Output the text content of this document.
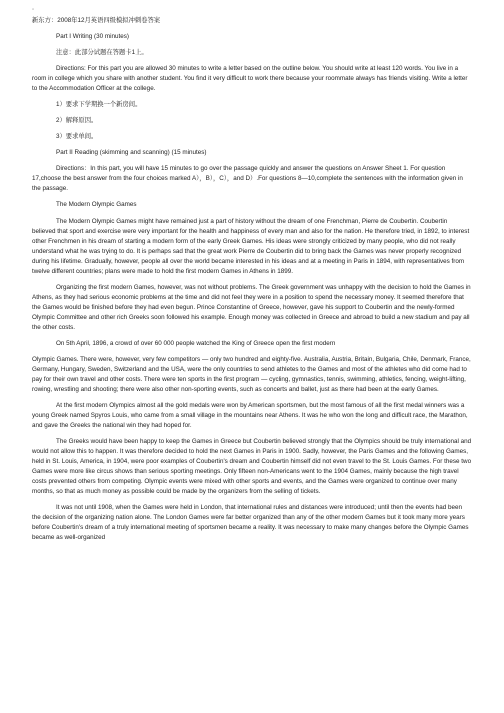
▫

新东方：2008年12月英语四级模拟冲刺卷答案

Part I Writing (30 minutes)

注意：此部分试题在答题卡1上。

Directions: For this part you are allowed 30 minutes to write a letter based on the outline below. You should write at least 120 words. You live in a room in college which you share with another student. You find it very difficult to work there because your roommate always has friends visiting. Write a letter to the Accommodation Officer at the college.

1）要求下学期换一个新房间。

2）解释原因。

3）要求单间。

Part II Reading (skimming and scanning) (15 minutes)

Directions：In this part, you will have 15 minutes to go over the passage quickly and answer the questions on Answer Sheet 1. For question 17,choose the best answer from the four choices marked A），B），C），and D）.For questions 8—10,complete the sentences with the information given in the passage.

The Modern Olympic Games

The Modern Olympic Games might have remained just a part of history without the dream of one Frenchman, Pierre de Coubertin. Coubertin believed that sport and exercise were very important for the health and happiness of every man and also for the nation. He therefore tried, in 1892, to interest other Frenchmen in his dream of starting a modern form of the early Greek Games. His ideas were strongly criticized by many people, who did not really understand what he was trying to do. It is perhaps sad that the great work Pierre de Coubertin did to bring back the Games was never properly recognized during his lifetime. Gradually, however, people all over the world became interested in his ideas and at a meeting in Paris in 1894, with representatives from twelve different countries; plans were made to hold the first modern Games in Athens in 1899.

Organizing the first modern Games, however, was not without problems. The Greek government was unhappy with the decision to hold the Games in Athens, as they had serious economic problems at the time and did not feel they were in a position to spend the necessary money. It seemed therefore that the Games would be finished before they had even begun. Prince Constantine of Greece, however, gave his support to Coubertin and the newly-formed Olympic Committee and other rich Greeks soon followed his example. Enough money was collected in Greece and abroad to build a new stadium and pay all the other costs.

On 5th April, 1896, a crowd of over 60 000 people watched the King of Greece open the first modern

Olympic Games. There were, however, very few competitors — only two hundred and eighty-five. Australia, Austria, Britain, Bulgaria, Chile, Denmark, France, Germany, Hungary, Sweden, Switzerland and the USA, were the only countries to send athletes to the Games and most of the athletes who did come had to pay for their own travel and other costs. There were ten sports in the first program — cycling, gymnastics, tennis, swimming, athletics, fencing, weight-lifting, rowing, wrestling and shooting; there were also other non-sporting events, such as concerts and ballet, just as there had been at the early Games.

At the first modern Olympics almost all the gold medals were won by American sportsmen, but the most famous of all the first medal winners was a young Greek named Spyros Louis, who came from a small village in the mountains near Athens. It was he who won the long and difficult race, the Marathon, and gave the Greeks the national win they had hoped for.

The Greeks would have been happy to keep the Games in Greece but Coubertin believed strongly that the Olympics should be truly international and would not allow this to happen. It was therefore decided to hold the next Games in Paris in 1900. Sadly, however, the Paris Games and the following Games, held in St. Louis, America, in 1904, were poor examples of Coubertin's dream and Coubertin himself did not even travel to the St. Louis Games. For these two Games were more like circus shows than serious sporting meetings. Only fifteen non-Americans went to the 1904 Games, mainly because the high travel costs prevented others from competing. Olympic events were mixed with other sports and events, and the Games were organized to continue over many months, so that as much money as possible could be made by the organizers from the selling of tickets.

It was not until 1908, when the Games were held in London, that international rules and distances were introduced; until then the events had been the decision of the organizing nation alone. The London Games were far better organized than any of the other modern Games but it took many more years before Coubertin's dream of a truly international meeting of sportsmen became a reality. It was necessary to make many changes before the Olympic Games became as well-organized
